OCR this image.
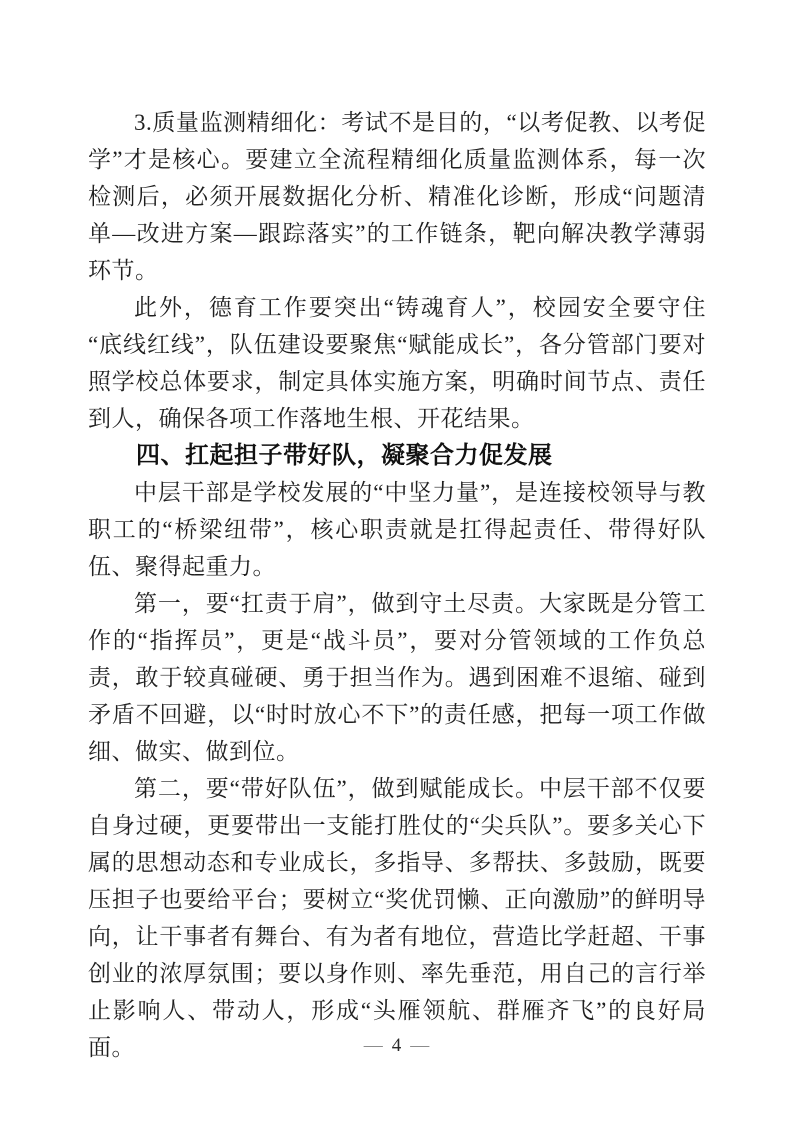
3.质量监测精细化：考试不是目的，“以考促教、以考促学”才是核心。要建立全流程精细化质量监测体系，每一次检测后，必须开展数据化分析、精准化诊断，形成“问题清单—改进方案—跟踪落实”的工作链条，靶向解决教学薄弱环节。

此外，德育工作要突出“铸魂育人”，校园安全要守住“底线红线”，队伍建设要聚焦“赋能成长”，各分管部门要对照学校总体要求，制定具体实施方案，明确时间节点、责任到人，确保各项工作落地生根、开花结果。

四、扛起担子带好队，凝聚合力促发展

中层干部是学校发展的“中坚力量”，是连接校领导与教职工的“桥梁纽带”，核心职责就是扛得起责任、带得好队伍、聚得起重力。

第一，要“扛责于肩”，做到守土尽责。大家既是分管工作的“指挥员”，更是“战斗员”，要对分管领域的工作负总责，敢于较真碰硬、勇于担当作为。遇到困难不退缩、碰到矛盾不回避，以“时时放心不下”的责任感，把每一项工作做细、做实、做到位。

第二，要“带好队伍”，做到赋能成长。中层干部不仅要自身过硬，更要带出一支能打胜仗的“尖兵队”。要多关心下属的思想动态和专业成长，多指导、多帮扶、多鼓励，既要压担子也要给平台；要树立“奖优罚懒、正向激励”的鲜明导向，让干事者有舞台、有为者有地位，营造比学赶超、干事创业的浓厚氛围；要以身作则、率先垂范，用自己的言行举止影响人、带动人，形成“头雁领航、群雁齐飞”的良好局面。	— 4 —
